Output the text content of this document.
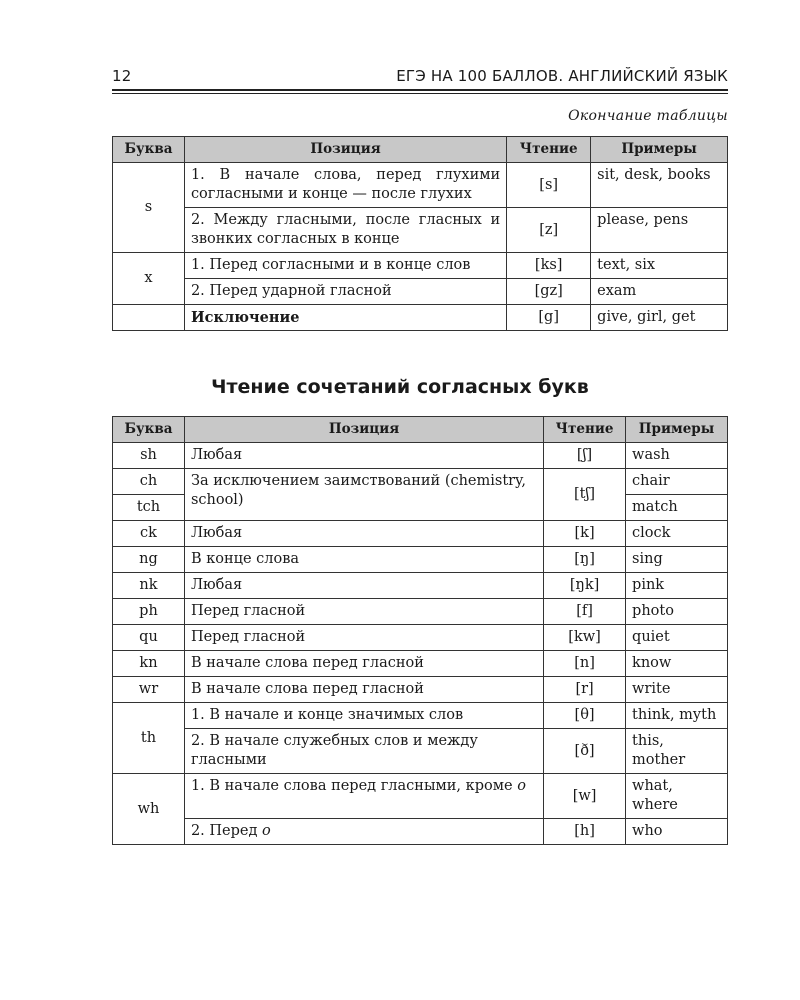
12	ЕГЭ НА 100 БАЛЛОВ. АНГЛИЙСКИЙ ЯЗЫК
Окончание таблицы
Буква	Позиция	Чтение	Примеры
s	1. В начале слова, перед глухими согласными и конце — после глухих	[s]	sit, desk, books
	2. Между гласными, после гласных и звонких согласных в конце	[z]	please, pens
x	1. Перед согласными и в конце слов	[ks]	text, six
	2. Перед ударной гласной	[gz]	exam
	Исключение	[g]	give, girl, get
Чтение сочетаний согласных букв
Буква	Позиция	Чтение	Примеры
sh	Любая	[ʃ]	wash
ch	За исключением заимствований (chemistry, school)	[tʃ]	chair
tch			match
ck	Любая	[k]	clock
ng	В конце слова	[ŋ]	sing
nk	Любая	[ŋk]	pink
ph	Перед гласной	[f]	photo
qu	Перед гласной	[kw]	quiet
kn	В начале слова перед гласной	[n]	know
wr	В начале слова перед гласной	[r]	write
th	1. В начале и конце значимых слов	[θ]	think, myth
	2. В начале служебных слов и между гласными	[ð]	this, mother
wh	1. В начале слова перед гласными, кроме о	[w]	what, where
	2. Перед о	[h]	who
